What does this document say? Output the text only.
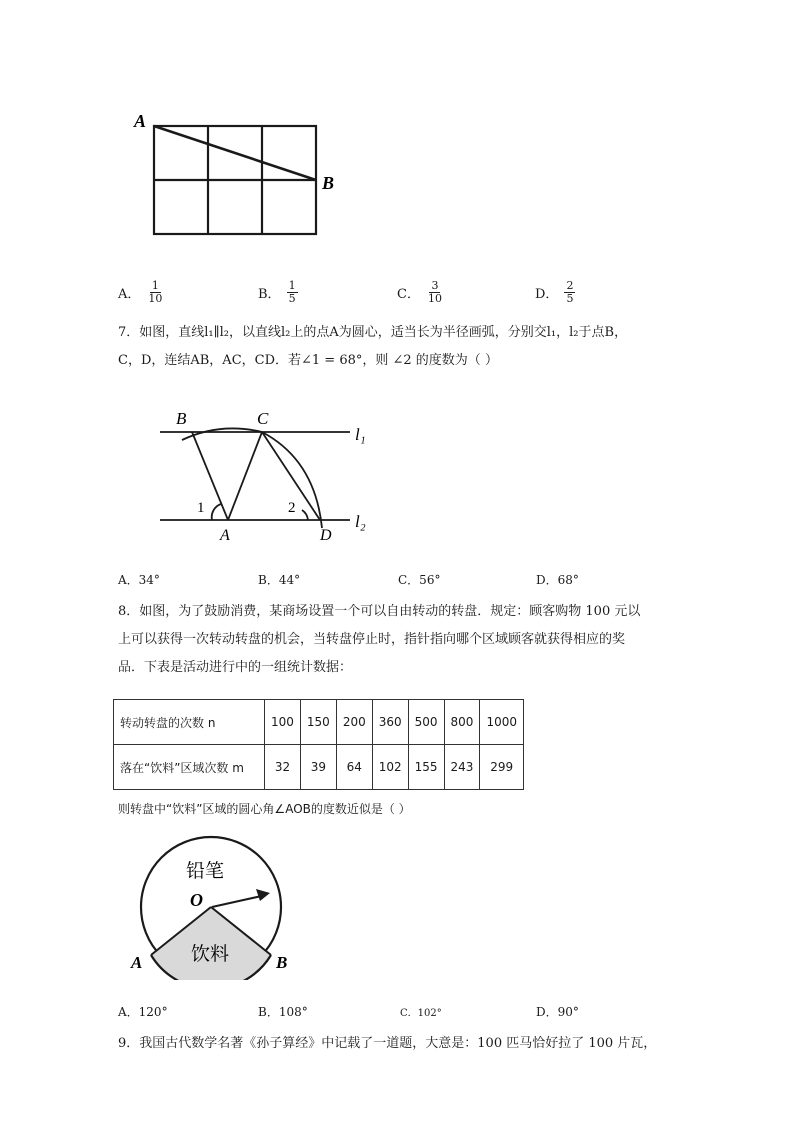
A
B
A． $\frac{1}{10}$	B． $\frac{1}{5}$	C． $\frac{3}{10}$	D． $\frac{2}{5}$
7．如图，直线l₁∥l₂，以直线l₂上的点A为圆心，适当长为半径画弧，分别交l₁，l₂于点B，
C，D，连结AB，AC，CD．若∠1 = 68°，则 ∠2 的度数为（ ）
B	C
l₁
l₂
A	D
1	2
A．34°	B．44°	C．56°	D．68°
8．如图，为了鼓励消费，某商场设置一个可以自由转动的转盘．规定：顾客购物 100 元以
上可以获得一次转动转盘的机会，当转盘停止时，指针指向哪个区域顾客就获得相应的奖
品．下表是活动进行中的一组统计数据：
转动转盘的次数 n	100	150	200	360	500	800	1000
落在“饮料”区域次数 m	32	39	64	102	155	243	299
则转盘中“饮料”区域的圆心角∠AOB的度数近似是（ ）
铅笔
饮料
O
A	B
A．120°	B．108°	C．102°	D．90°
9．我国古代数学名著《孙子算经》中记载了一道题，大意是：100 匹马恰好拉了 100 片瓦，
